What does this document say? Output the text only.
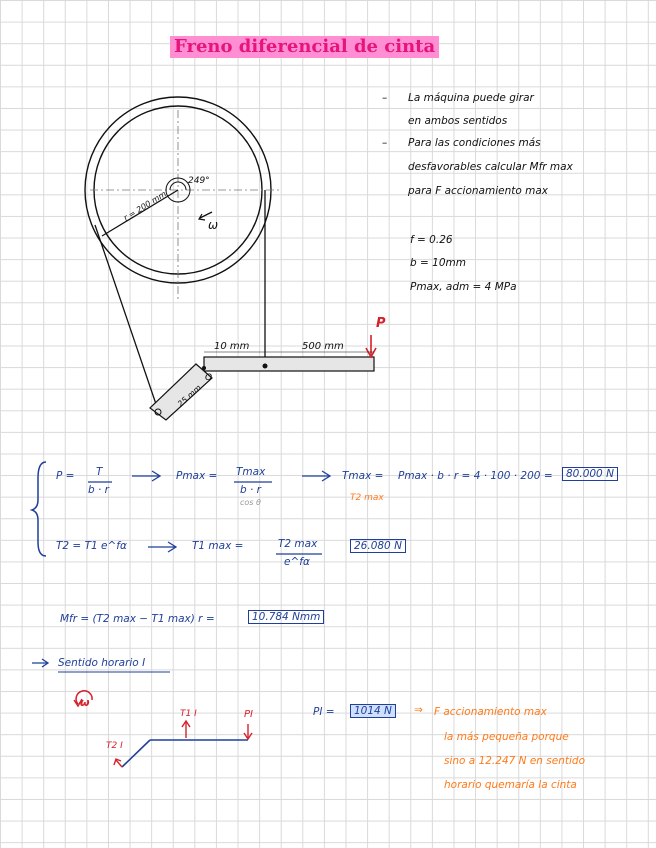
Freno diferencial de cinta
– La máquina puede girar
en ambos sentidos
– Para las condiciones más
desfavorables calcular Mfr max
para F accionamiento max
f = 0.26
b = 10mm
Pmax, adm = 4 MPa
249°
r = 200 mm
ω
10 mm	500 mm
25 mm
O
P
P = T
b · r
Pmax = Tmax
b · r
cos θ
Tmax = Pmax · b · r = 4 · 100 · 200 =	80.000 N
T2 max
T2 = T1 e^fα	T1 max =	T2 max
e^fα
26.080 N
Mfr = (T2 max − T1 max) r =	10.784 Nmm
Sentido horario I
ω
T1 I
T2 I
PI	PI =	1014 N	⇒ F accionamiento max
la más pequeña porque
sino a 12.247 N en sentido
horario quemaría la cinta
